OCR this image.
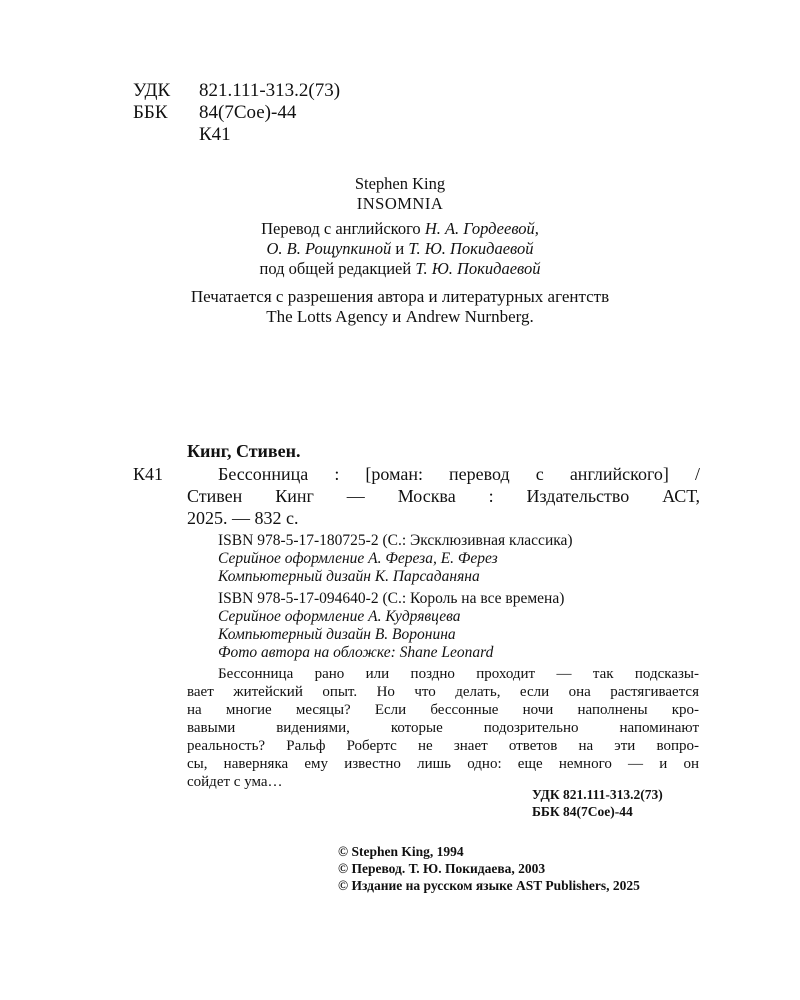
УДК 821.111-313.2(73)
ББК 84(7Сое)-44
К41
Stephen King
INSOMNIA
Перевод с английского Н. А. Гордеевой,
О. В. Рощупкиной и Т. Ю. Покидаевой
под общей редакцией Т. Ю. Покидаевой
Печатается с разрешения автора и литературных агентств
The Lotts Agency и Andrew Nurnberg.
Кинг, Стивен.
К41	Бессонница : [роман: перевод с английского] /
Стивен Кинг — Москва : Издательство АСТ,
2025. — 832 с.
ISBN 978-5-17-180725-2 (С.: Эксклюзивная классика)
Серийное оформление А. Фереза, Е. Ферез
Компьютерный дизайн К. Парсаданяна
ISBN 978-5-17-094640-2 (С.: Король на все времена)
Серийное оформление А. Кудрявцева
Компьютерный дизайн В. Воронина
Фото автора на обложке: Shane Leonard
Бессонница рано или поздно проходит — так подсказы-
вает житейский опыт. Но что делать, если она растягивается
на многие месяцы? Если бессонные ночи наполнены кро-
вавыми видениями, которые подозрительно напоминают
реальность? Ральф Робертс не знает ответов на эти вопро-
сы, наверняка ему известно лишь одно: еще немного — и он
сойдет с ума…
УДК 821.111-313.2(73)
ББК 84(7Сое)-44
© Stephen King, 1994
© Перевод. Т. Ю. Покидаева, 2003
© Издание на русском языке AST Publishers, 2025
